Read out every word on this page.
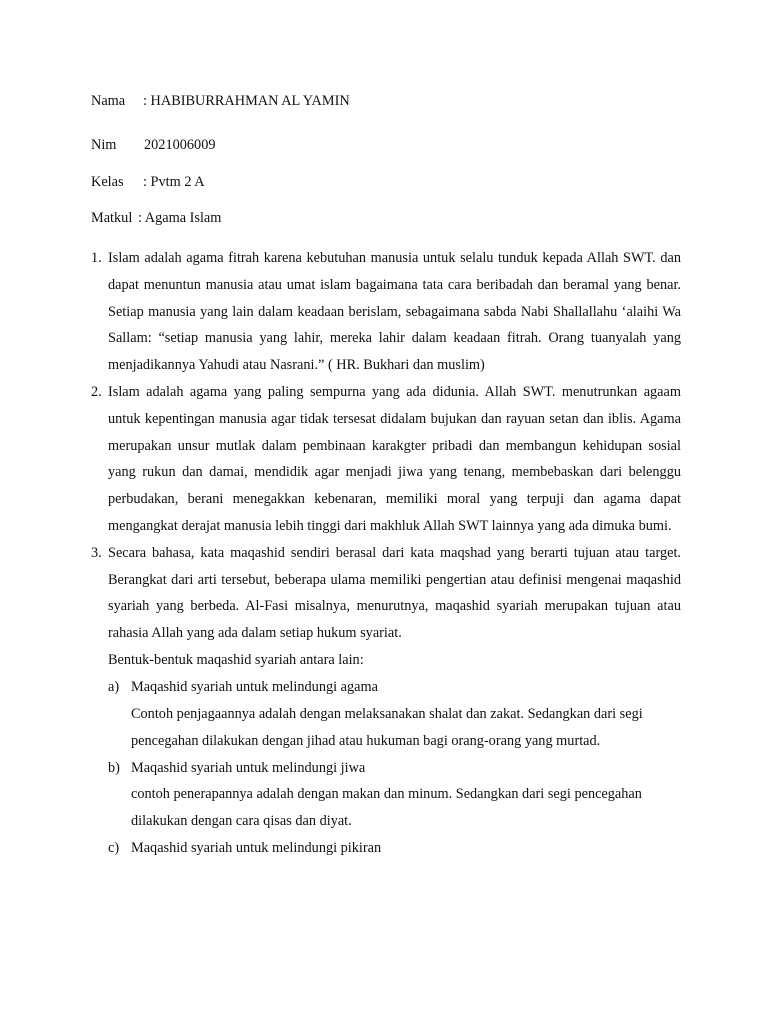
Nama : HABIBURRAHMAN AL YAMIN
Nim 2021006009
Kelas : Pvtm 2 A
Matkul : Agama Islam
1. Islam adalah agama fitrah karena kebutuhan manusia untuk selalu tunduk kepada Allah SWT. dan dapat menuntun manusia atau umat islam bagaimana tata cara beribadah dan beramal yang benar. Setiap manusia yang lain dalam keadaan berislam, sebagaimana sabda Nabi Shallallahu ‘alaihi Wa Sallam: “setiap manusia yang lahir, mereka lahir dalam keadaan fitrah. Orang tuanyalah yang menjadikannya Yahudi atau Nasrani.” ( HR. Bukhari dan muslim)

2. Islam adalah agama yang paling sempurna yang ada didunia. Allah SWT. menutrunkan agaam untuk kepentingan manusia agar tidak tersesat didalam bujukan dan rayuan setan dan iblis. Agama merupakan unsur mutlak dalam pembinaan karakgter pribadi dan membangun kehidupan sosial yang rukun dan damai, mendidik agar menjadi jiwa yang tenang, membebaskan dari belenggu perbudakan, berani menegakkan kebenaran, memiliki moral yang terpuji dan agama dapat mengangkat derajat manusia lebih tinggi dari makhluk Allah SWT lainnya yang ada dimuka bumi.

3. Secara bahasa, kata maqashid sendiri berasal dari kata maqshad yang berarti tujuan atau target. Berangkat dari arti tersebut, beberapa ulama memiliki pengertian atau definisi mengenai maqashid syariah yang berbeda. Al-Fasi misalnya, menurutnya, maqashid syariah merupakan tujuan atau rahasia Allah yang ada dalam setiap hukum syariat.

Bentuk-bentuk maqashid syariah antara lain:

a) Maqashid syariah untuk melindungi agama

Contoh penjagaannya adalah dengan melaksanakan shalat dan zakat. Sedangkan dari segi pencegahan dilakukan dengan jihad atau hukuman bagi orang-orang yang murtad.

b) Maqashid syariah untuk melindungi jiwa

contoh penerapannya adalah dengan makan dan minum. Sedangkan dari segi pencegahan dilakukan dengan cara qisas dan diyat.

c) Maqashid syariah untuk melindungi pikiran
